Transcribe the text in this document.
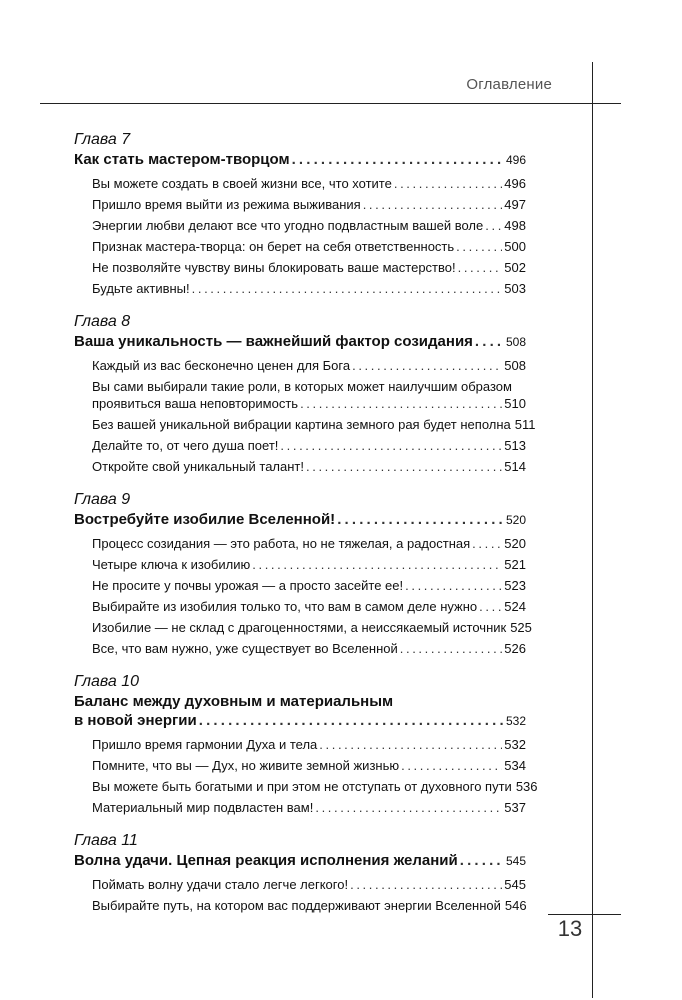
Оглавление
13
Глава 7
Как стать мастером-творцом . . .	496
Вы можете создать в своей жизни все, что хотите . . .	496
Пришло время выйти из режима выживания . . .	497
Энергии любви делают все что угодно подвластным вашей воле . . . 498
Признак мастера-творца: он берет на себя ответственность . . .	500
Не позволяйте чувству вины блокировать ваше мастерство! . . .	502
Будьте активны! . . .	503
Глава 8
Ваша уникальность — важнейший фактор созидания . . .	508
Каждый из вас бесконечно ценен для Бога . . .	508
Вы сами выбирали такие роли, в которых может наилучшим образом
проявиться ваша неповторимость . . .	510
Без вашей уникальной вибрации картина земного рая будет неполна 511
Делайте то, от чего душа поет! . . .	513
Откройте свой уникальный талант! . . .	514
Глава 9
Востребуйте изобилие Вселенной! . . .	520
Процесс созидания — это работа, но не тяжелая, а радостная . . .	520
Четыре ключа к изобилию . . .	521
Не просите у почвы урожая — а просто засейте ее! . . .	523
Выбирайте из изобилия только то, что вам в самом деле нужно . . . 524
Изобилие — не склад с драгоценностями, а неиссякаемый источник 525
Все, что вам нужно, уже существует во Вселенной . . .	526
Глава 10
Баланс между духовным и материальным
в новой энергии . . .	532
Пришло время гармонии Духа и тела . . .	532
Помните, что вы — Дух, но живите земной жизнью . . .	534
Вы можете быть богатыми и при этом не отступать от духовного пути 536
Материальный мир подвластен вам! . . .	537
Глава 11
Волна удачи. Цепная реакция исполнения желаний . . .	545
Поймать волну удачи стало легче легкого! . . .	545
Выбирайте путь, на котором вас поддерживают энергии Вселенной 546
